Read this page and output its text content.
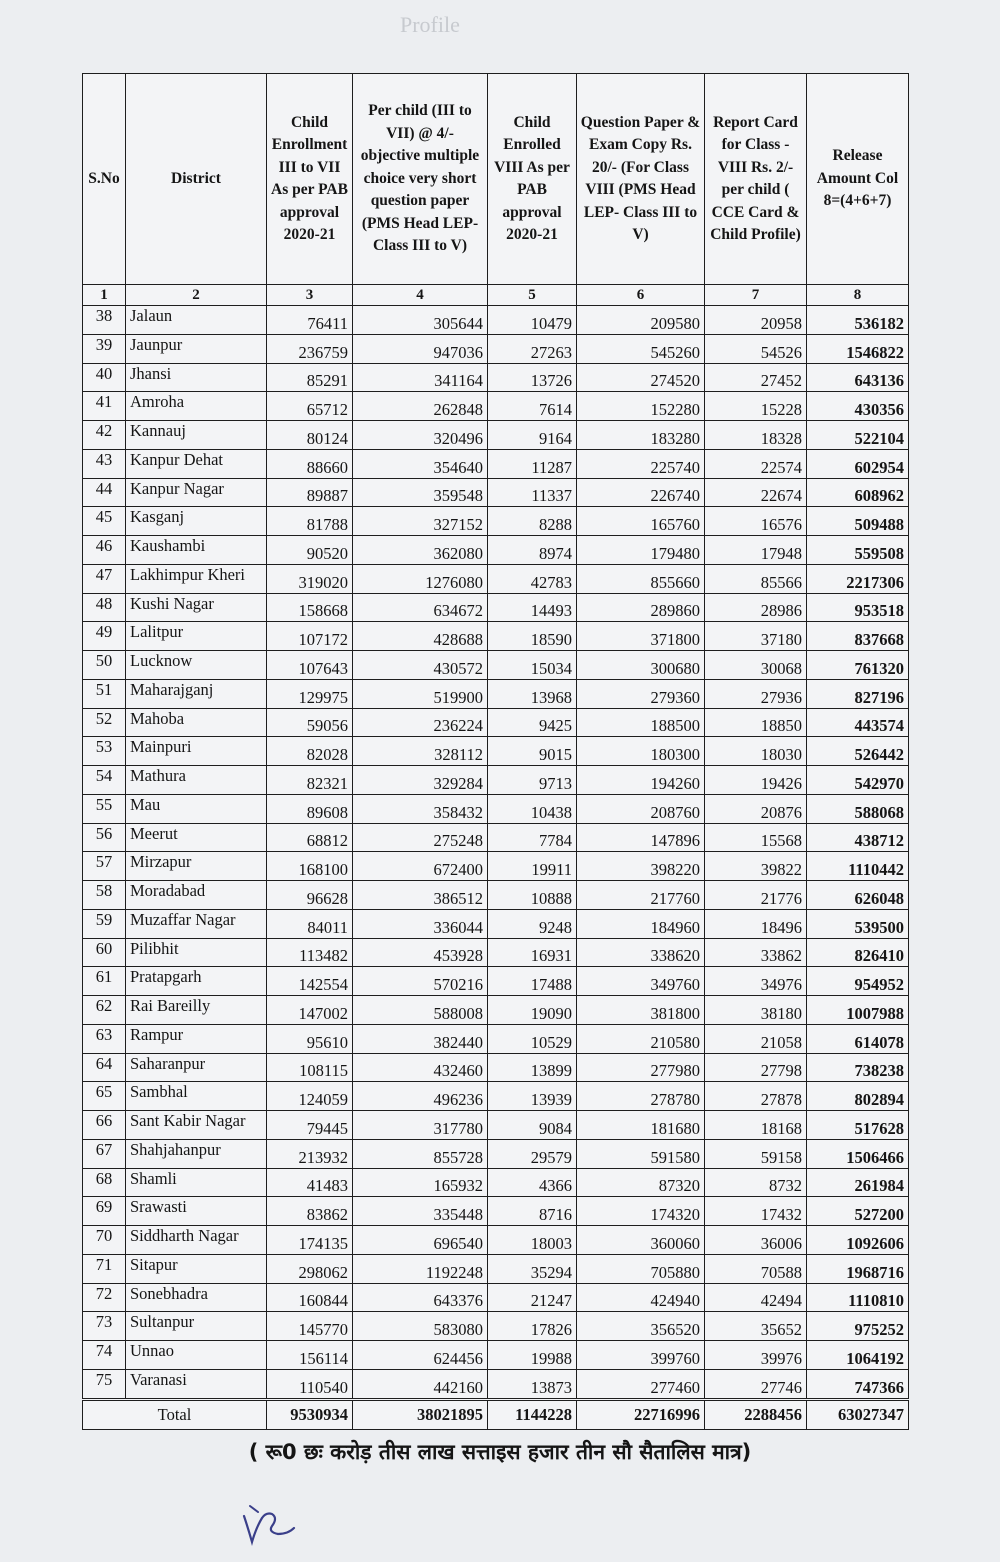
Profile
S.No	District	Child Enrollment III to VII As per PAB approval 2020-21	Per child (III to VII) @ 4/- objective multiple choice very short question paper (PMS Head LEP- Class III to V)	Child Enrolled VIII As per PAB approval 2020-21	Question Paper & Exam Copy Rs. 20/- (For Class VIII (PMS Head LEP- Class III to V)	Report Card for Class -VIII Rs. 2/- per child ( CCE Card & Child Profile)	Release Amount Col 8=(4+6+7)
1	2	3	4	5	6	7	8
38	Jalaun	76411	305644	10479	209580	20958	536182
39	Jaunpur	236759	947036	27263	545260	54526	1546822
40	Jhansi	85291	341164	13726	274520	27452	643136
41	Amroha	65712	262848	7614	152280	15228	430356
42	Kannauj	80124	320496	9164	183280	18328	522104
43	Kanpur Dehat	88660	354640	11287	225740	22574	602954
44	Kanpur Nagar	89887	359548	11337	226740	22674	608962
45	Kasganj	81788	327152	8288	165760	16576	509488
46	Kaushambi	90520	362080	8974	179480	17948	559508
47	Lakhimpur Kheri	319020	1276080	42783	855660	85566	2217306
48	Kushi Nagar	158668	634672	14493	289860	28986	953518
49	Lalitpur	107172	428688	18590	371800	37180	837668
50	Lucknow	107643	430572	15034	300680	30068	761320
51	Maharajganj	129975	519900	13968	279360	27936	827196
52	Mahoba	59056	236224	9425	188500	18850	443574
53	Mainpuri	82028	328112	9015	180300	18030	526442
54	Mathura	82321	329284	9713	194260	19426	542970
55	Mau	89608	358432	10438	208760	20876	588068
56	Meerut	68812	275248	7784	147896	15568	438712
57	Mirzapur	168100	672400	19911	398220	39822	1110442
58	Moradabad	96628	386512	10888	217760	21776	626048
59	Muzaffar Nagar	84011	336044	9248	184960	18496	539500
60	Pilibhit	113482	453928	16931	338620	33862	826410
61	Pratapgarh	142554	570216	17488	349760	34976	954952
62	Rai Bareilly	147002	588008	19090	381800	38180	1007988
63	Rampur	95610	382440	10529	210580	21058	614078
64	Saharanpur	108115	432460	13899	277980	27798	738238
65	Sambhal	124059	496236	13939	278780	27878	802894
66	Sant Kabir Nagar	79445	317780	9084	181680	18168	517628
67	Shahjahanpur	213932	855728	29579	591580	59158	1506466
68	Shamli	41483	165932	4366	87320	8732	261984
69	Srawasti	83862	335448	8716	174320	17432	527200
70	Siddharth Nagar	174135	696540	18003	360060	36006	1092606
71	Sitapur	298062	1192248	35294	705880	70588	1968716
72	Sonebhadra	160844	643376	21247	424940	42494	1110810
73	Sultanpur	145770	583080	17826	356520	35652	975252
74	Unnao	156114	624456	19988	399760	39976	1064192
75	Varanasi	110540	442160	13873	277460	27746	747366
Total		9530934	38021895	1144228	22716996	2288456	63027347
( रू0 छः करोड़ तीस लाख सत्ताइस हजार तीन सौ सैतालिस मात्र)
